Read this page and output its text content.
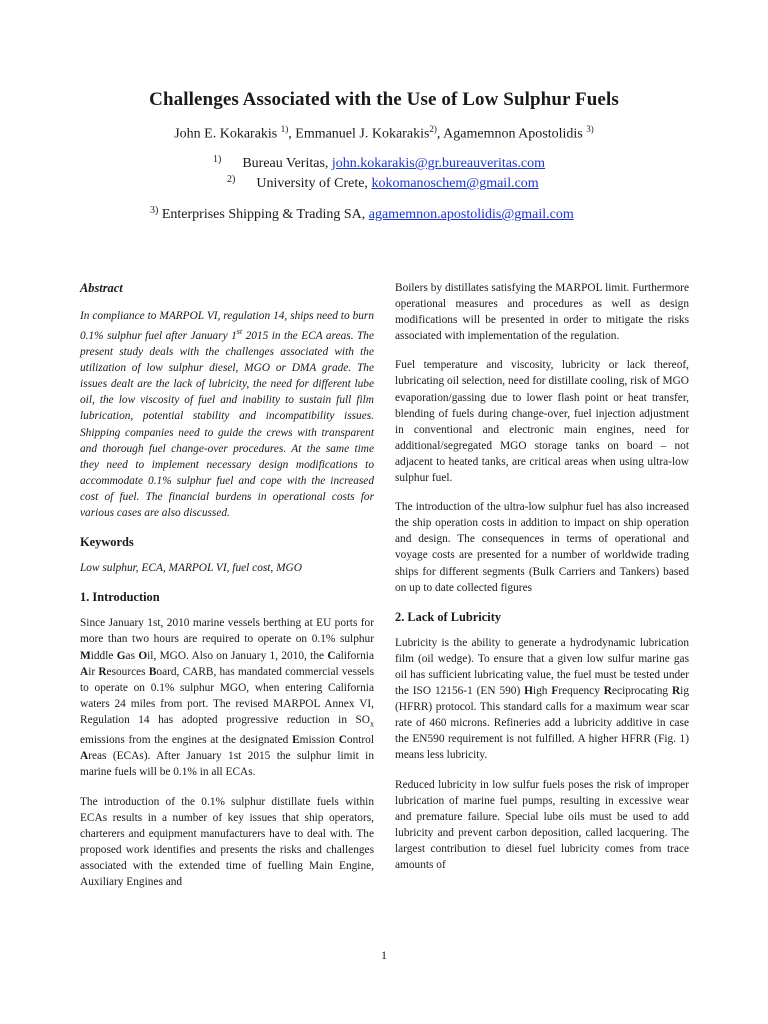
Challenges Associated with the Use of Low Sulphur Fuels
John E. Kokarakis $^{1)}$, Emmanuel J. Kokarakis$^{2)}$, Agamemnon Apostolidis $^{3)}$
$^{1)}$ Bureau Veritas, john.kokarakis@gr.bureauveritas.com
$^{2)}$ University of Crete, kokomanoschem@gmail.com
$^{3)}$ Enterprises Shipping & Trading SA, agamemnon.apostolidis@gmail.com
Abstract

In compliance to MARPOL VI, regulation 14, ships need to burn 0.1% sulphur fuel after January 1st 2015 in the ECA areas. The present study deals with the challenges associated with the utilization of low sulphur diesel, MGO or DMA grade. The issues dealt are the lack of lubricity, the need for different lube oil, the low viscosity of fuel and inability to sustain full film lubrication, potential stability and incompatibility issues. Shipping companies need to guide the crews with transparent and thorough fuel change-over procedures. At the same time they need to implement necessary design modifications to accommodate 0.1% sulphur fuel and cope with the increased cost of fuel. The financial burdens in operational costs for various cases are also discussed.

Keywords

Low sulphur, ECA, MARPOL VI, fuel cost, MGO

1. Introduction

Since January 1st, 2010 marine vessels berthing at EU ports for more than two hours are required to operate on 0.1% sulphur Middle Gas Oil, MGO. Also on January 1, 2010, the California Air Resources Board, CARB, has mandated commercial vessels to operate on 0.1% sulphur MGO, when entering California waters 24 miles from port. The revised MARPOL Annex VI, Regulation 14 has adopted progressive reduction in $SO_x$ emissions from the engines at the designated Emission Control Areas (ECAs). After January 1st 2015 the sulphur limit in marine fuels will be 0.1% in all ECAs.

The introduction of the 0.1% sulphur distillate fuels within ECAs results in a number of key issues that ship operators, charterers and equipment manufacturers have to deal with. The proposed work identifies and presents the risks and challenges associated with the extended time of fuelling Main Engine, Auxiliary Engines and

Boilers by distillates satisfying the MARPOL limit. Furthermore operational measures and procedures as well as design modifications will be presented in order to mitigate the risks associated with implementation of the regulation.

Fuel temperature and viscosity, lubricity or lack thereof, lubricating oil selection, need for distillate cooling, risk of MGO evaporation/gassing due to lower flash point or heat transfer, blending of fuels during change-over, fuel injection adjustment in conventional and electronic main engines, need for additional/segregated MGO storage tanks on board – not adjacent to heated tanks, are critical areas when using ultra-low sulphur fuel.

The introduction of the ultra-low sulphur fuel has also increased the ship operation costs in addition to impact on ship operation and design. The consequences in terms of operational and voyage costs are presented for a number of worldwide trading ships for different segments (Bulk Carriers and Tankers) based on up to date collected figures

2. Lack of Lubricity

Lubricity is the ability to generate a hydrodynamic lubrication film (oil wedge). To ensure that a given low sulfur marine gas oil has sufficient lubricating value, the fuel must be tested under the ISO 12156-1 (EN 590) High Frequency Reciprocating Rig (HFRR) protocol. This standard calls for a maximum wear scar rate of 460 microns. Refineries add a lubricity additive in case the EN590 requirement is not fulfilled. A higher HFRR (Fig. 1) means less lubricity.

Reduced lubricity in low sulfur fuels poses the risk of improper lubrication of marine fuel pumps, resulting in excessive wear and premature failure. Special lube oils must be used to add lubricity and prevent carbon deposition, called lacquering. The largest contribution to diesel fuel lubricity comes from trace amounts of

1
